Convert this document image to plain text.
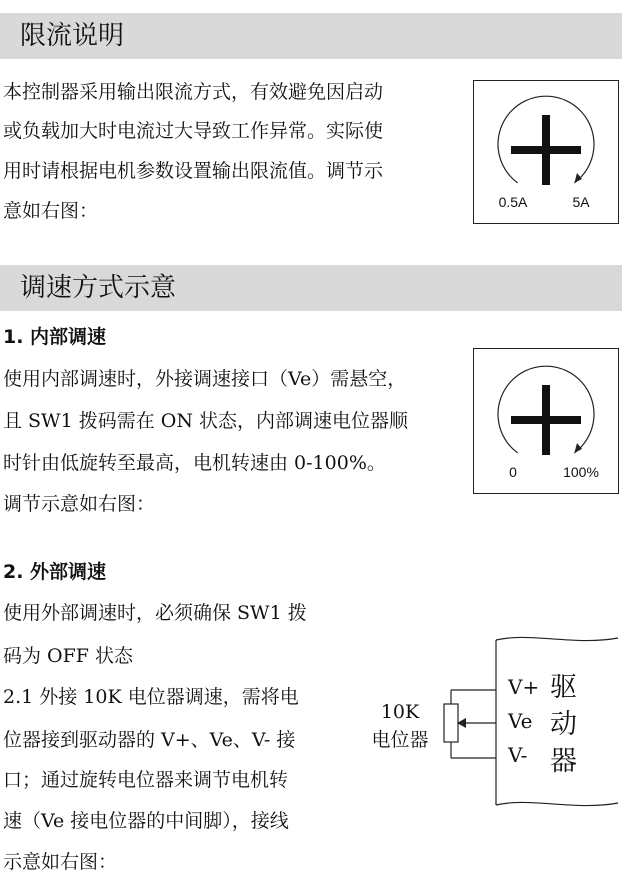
限流说明
本控制器采用输出限流方式，有效避免因启动
或负载加大时电流过大导致工作异常。实际使
用时请根据电机参数设置输出限流值。调节示
意如右图：	0.5A	5A
调速方式示意
1. 内部调速
使用内部调速时，外接调速接口（Ve）需悬空，
且 SW1 拨码需在 ON 状态，内部调速电位器顺
时针由低旋转至最高，电机转速由 0-100%。
调节示意如右图：
0	100%
2. 外部调速
使用外部调速时，必须确保 SW1 拨
码为 OFF 状态
2.1 外接 10K 电位器调速，需将电
位器接到驱动器的 V+、Ve、V- 接
口；通过旋转电位器来调节电机转
速（Ve 接电位器的中间脚），接线
示意如右图：
10K
电位器
V+
Ve
V-
驱
动
器
